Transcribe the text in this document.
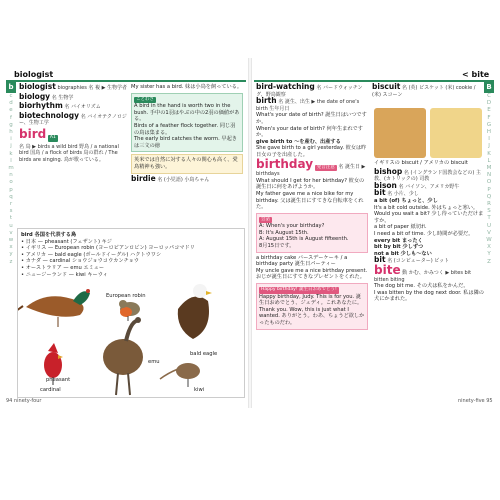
biologist
b
c
d
e
f
g
h
i
j
k
l
m
n
o
p
q
r
s
t
u
v
w
x
y
z
biologist biographies 名 複 ▶ 生物学者
biology 名 生物学
biorhythm 名 バイオリズム
biotechnology 名 バイオテクノロジー、生物工学
bird A1
名 鳥 ▶ birds a wild bird 野鳥 / a national bird 国鳥 / a flock of birds 鳥の群れ / The birds are singing. 鳥が歌っている。
My sister has a bird. 妹は小鳥を飼っている。
ことわざ
A bird in the hand is worth two in the bush. 手中の1羽はやぶの中の2羽の価値がある。
Birds of a feather flock together. 同じ羽の鳥は集まる。
The early bird catches the worm. 早起きは三文の徳
英米では自然に対する人々の関心も高く、愛鳥精神も強い。
birdie 名 (小児語) 小鳥ちゃん
bird 各国を代表する鳥
• 日本 — pheasant (フェザント) キジ
• イギリス — European robin (ヨーロピアンロビン) ヨーロッパコマドリ
• アメリカ — bald eagle (ボールドイーグル) ハクトウワシ
• カナダ — cardinal ショウジョウコウカンチョウ
• オーストラリア — emu エミュー
• ニュージーランド — kiwi キーウィ
pheasant
European robin
bald eagle
emu
cardinal	kiwi
94 ninety-four
< bite
B
C
D
E
F
G
H
I
J
K
L
M
N
O
P
Q
R
S
T
U
V
W
X
Y
Z
bird-watching 名 バードウォッチング、野鳥観察
birth 名 誕生、出生 ▶ the date of one's birth 生年月日
What's your date of birth? 誕生日はいつですか。
When's your date of birth? 何年生まれですか。
give birth to ～を産む、出産する
She gave birth to a girl yesterday. 彼女は昨日女の子を出産した。
birthday 発音注意 名 誕生日 ▶ birthdays
What should I get for her birthday? 彼女の誕生日に何をあげようか。
My father gave me a nice bike for my birthday. 父は誕生日にすてきな自転車をくれた。
会話
A: When's your birthday?
B: It's August 15th.
A: August 15th is August fifteenth.
8月15日です。
a birthday cake バースデーケーキ / a birthday party 誕生日パーティー
My uncle gave me a nice birthday present. おじが誕生日にすてきなプレゼントをくれた。
Happy birthday! 誕生日おめでとう!
Happy birthday, Judy. This is for you. 誕生日おめでとう、ジュディ。これあなたに。
Thank you. Wow, this is just what I wanted. ありがとう。わあ、ちょうど欲しかったものだわ。
biscuit 名 (英) ビスケット (米) cookie / (米) スコーン
イギリスの biscuit / アメリカの biscuit
bishop 名 (イングランド国教会などの) 主教、(カトリックの) 司教
bison 名 バイソン、アメリカ野牛
bit 名 小片、少し
a bit (of) ちょっと、少し
It's a bit cold outside. 外はちょっと寒い。
Would you wait a bit? 少し待っていただけますか。
a bit of paper 紙切れ
I need a bit of time. 少し時間が必要だ。
every bit まったく
bit by bit 少しずつ
not a bit 少しも～ない
bit 名 (コンピューター) ビット
bite 動 かむ、かみつく ▶ bites bit bitten biting
The dog bit me. その犬は私をかんだ。
I was bitten by the dog next door. 私は隣の犬にかまれた。
ninety-five 95
